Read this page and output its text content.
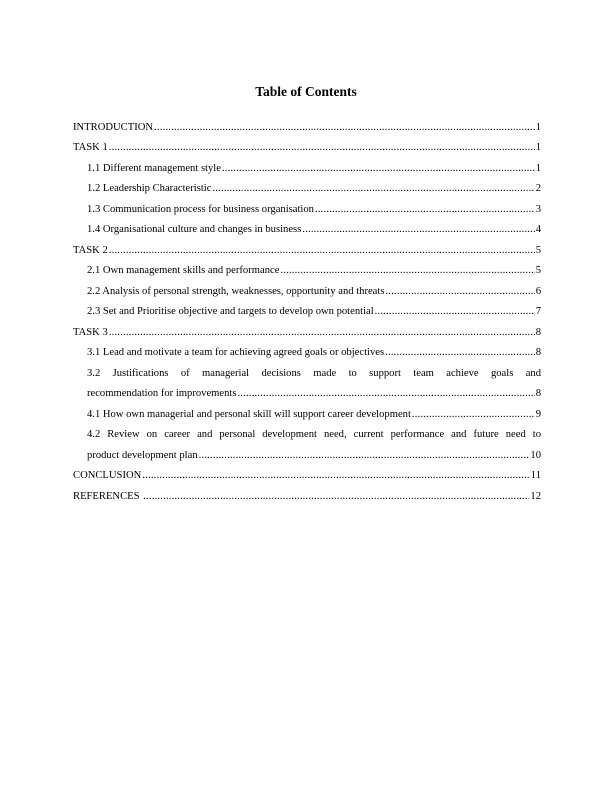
Table of Contents
INTRODUCTION .....	1
TASK 1 .....	1
1.1 Different management style .....	1
1.2 Leadership Characteristic .....	2
1.3 Communication process for business organisation .....	3
1.4 Organisational culture and changes in business .....	4
TASK 2 .....	5
2.1 Own management skills and performance .....	5
2.2 Analysis of personal strength, weaknesses, opportunity and threats .....	6
2.3 Set and Prioritise objective and targets to develop own potential .....	7
TASK 3 .....	8
3.1 Lead and motivate a team for achieving agreed goals or objectives .....	8
3.2 Justifications of managerial decisions made to support team achieve goals and
recommendation for improvements .....	8
4.1 How own managerial and personal skill will support career development .....	9
4.2 Review on career and personal development need, current performance and future need to
product development plan .....	10
CONCLUSION .....	11
REFERENCES .....	12
